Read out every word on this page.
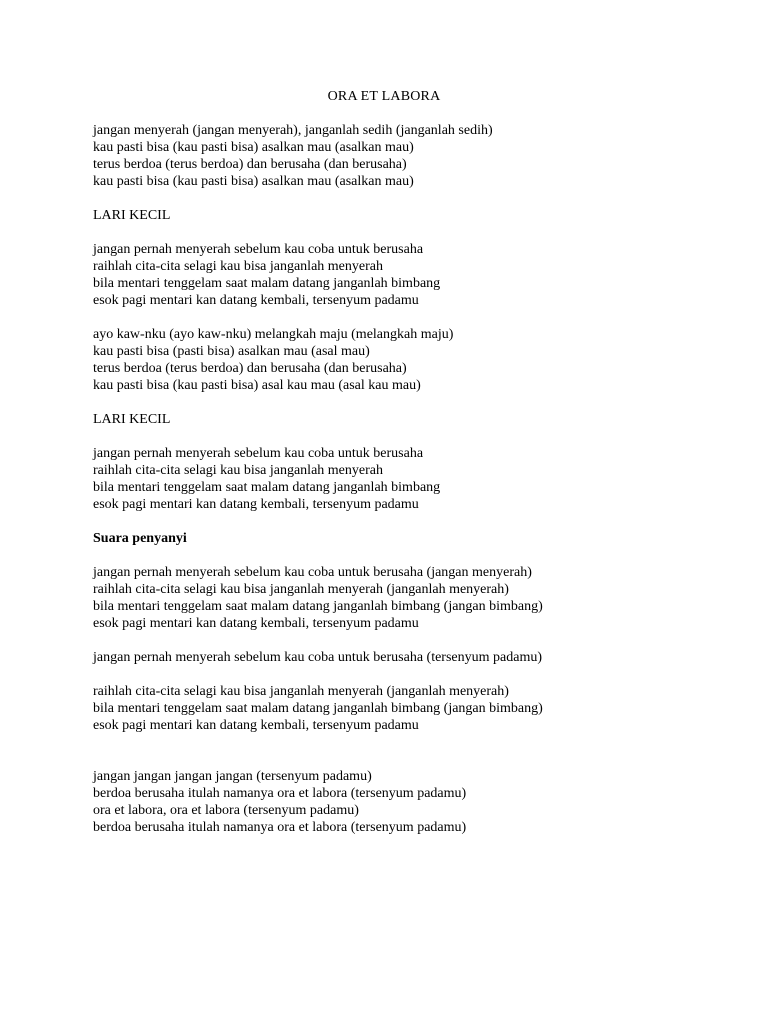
ORA ET LABORA
jangan menyerah (jangan menyerah), janganlah sedih (janganlah sedih)
kau pasti bisa (kau pasti bisa) asalkan mau (asalkan mau)
terus berdoa (terus berdoa) dan berusaha (dan berusaha)
kau pasti bisa (kau pasti bisa) asalkan mau (asalkan mau)
LARI KECIL
jangan pernah menyerah sebelum kau coba untuk berusaha
raihlah cita-cita selagi kau bisa janganlah menyerah
bila mentari tenggelam saat malam datang janganlah bimbang
esok pagi mentari kan datang kembali, tersenyum padamu
ayo kaw-nku (ayo kaw-nku) melangkah maju (melangkah maju)
kau pasti bisa (pasti bisa) asalkan mau (asal mau)
terus berdoa (terus berdoa) dan berusaha (dan berusaha)
kau pasti bisa (kau pasti bisa) asal kau mau (asal kau mau)
LARI KECIL
jangan pernah menyerah sebelum kau coba untuk berusaha
raihlah cita-cita selagi kau bisa janganlah menyerah
bila mentari tenggelam saat malam datang janganlah bimbang
esok pagi mentari kan datang kembali, tersenyum padamu
Suara penyanyi
jangan pernah menyerah sebelum kau coba untuk berusaha (jangan menyerah)
raihlah cita-cita selagi kau bisa janganlah menyerah (janganlah menyerah)
bila mentari tenggelam saat malam datang janganlah bimbang (jangan bimbang)
esok pagi mentari kan datang kembali, tersenyum padamu
jangan pernah menyerah sebelum kau coba untuk berusaha (tersenyum padamu)
raihlah cita-cita selagi kau bisa janganlah menyerah (janganlah menyerah)
bila mentari tenggelam saat malam datang janganlah bimbang (jangan bimbang)
esok pagi mentari kan datang kembali, tersenyum padamu
jangan jangan jangan jangan (tersenyum padamu)
berdoa berusaha itulah namanya ora et labora (tersenyum padamu)
ora et labora, ora et labora (tersenyum padamu)
berdoa berusaha itulah namanya ora et labora (tersenyum padamu)
